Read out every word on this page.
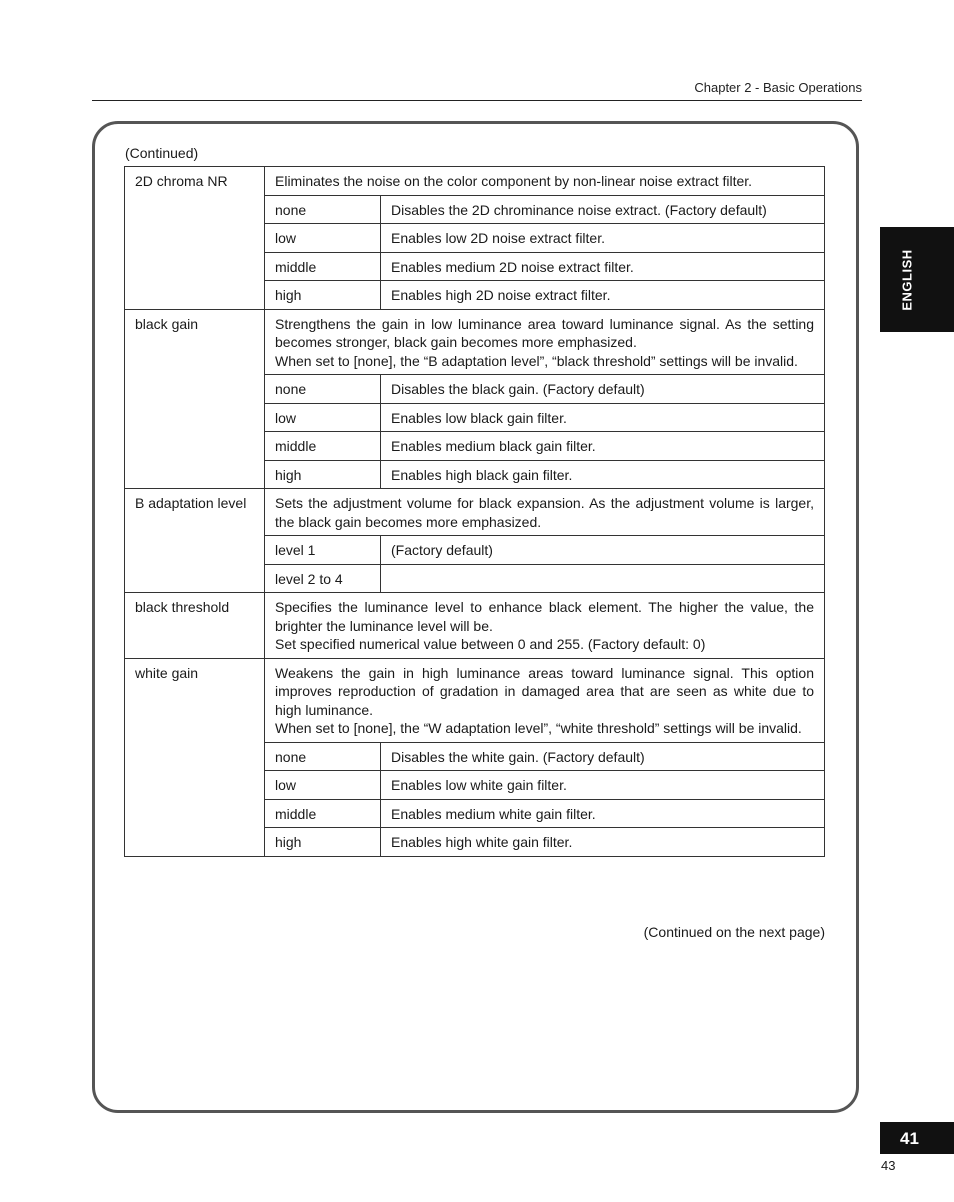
Chapter 2 - Basic Operations
ENGLISH
(Continued)
2D chroma NR	Eliminates the noise on the color component by non-linear noise extract filter.	

	none	Disables the 2D chrominance noise extract. (Factory default)
	low	Enables low 2D noise extract filter.
	middle	Enables medium 2D noise extract filter.
	high	Enables high 2D noise extract filter.
black gain	Strengthens the gain in low luminance area toward luminance signal. As the setting becomes stronger, black gain becomes more emphasized.
When set to [none], the “B adaptation level”, “black threshold” settings will be invalid.	

	none	Disables the black gain. (Factory default)
	low	Enables low black gain filter.
	middle	Enables medium black gain filter.
	high	Enables high black gain filter.
B adaptation level	Sets the adjustment volume for black expansion. As the adjustment volume is larger, the black gain becomes more emphasized.	

	level 1	(Factory default)
	level 2 to 4	
black threshold	Specifies the luminance level to enhance black element. The higher the value, the brighter the luminance level will be.
Set specified numerical value between 0 and 255. (Factory default: 0)	

white gain	Weakens the gain in high luminance areas toward luminance signal. This option improves reproduction of gradation in damaged area that are seen as white due to high luminance.
When set to [none], the “W adaptation level”, “white threshold” settings will be invalid.	

	none	Disables the white gain. (Factory default)
	low	Enables low white gain filter.
	middle	Enables medium white gain filter.
	high	Enables high white gain filter.
(Continued on the next page)
41
43
